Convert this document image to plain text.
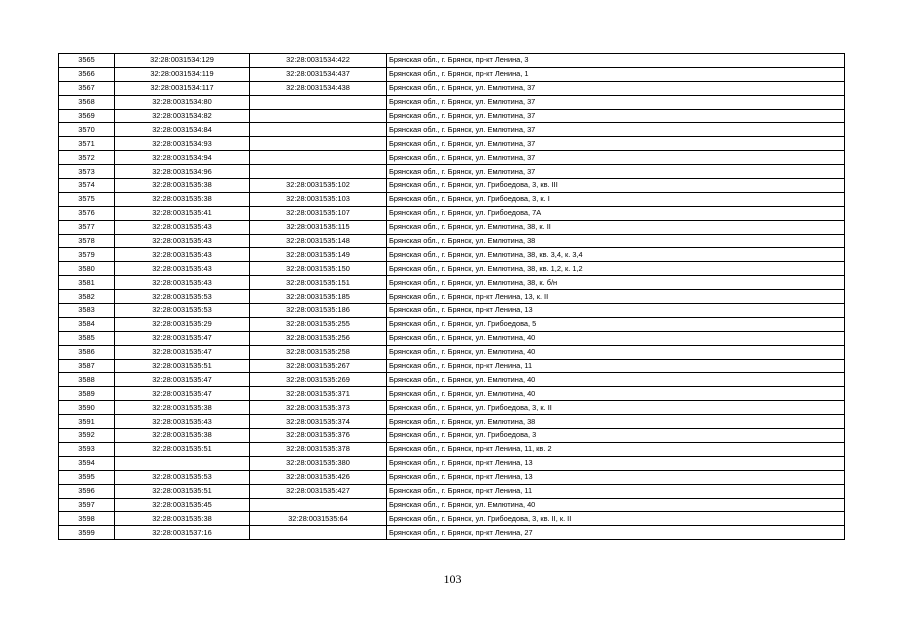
3565	32:28:0031534:129	32:28:0031534:422	Брянская обл., г. Брянск, пр-кт Ленина, 3
3566	32:28:0031534:119	32:28:0031534:437	Брянская обл., г. Брянск, пр-кт Ленина, 1
3567	32:28:0031534:117	32:28:0031534:438	Брянская обл., г. Брянск, ул. Емлютина, 37
3568	32:28:0031534:80		Брянская обл., г. Брянск, ул. Емлютина, 37
3569	32:28:0031534:82		Брянская обл., г. Брянск, ул. Емлютина, 37
3570	32:28:0031534:84		Брянская обл., г. Брянск, ул. Емлютина, 37
3571	32:28:0031534:93		Брянская обл., г. Брянск, ул. Емлютина, 37
3572	32:28:0031534:94		Брянская обл., г. Брянск, ул. Емлютина, 37
3573	32:28:0031534:96		Брянская обл., г. Брянск, ул. Емлютина, 37
3574	32:28:0031535:38	32:28:0031535:102	Брянская обл., г. Брянск, ул. Грибоедова, 3, кв. III
3575	32:28:0031535:38	32:28:0031535:103	Брянская обл., г. Брянск, ул. Грибоедова, 3, к. I
3576	32:28:0031535:41	32:28:0031535:107	Брянская обл., г. Брянск, ул. Грибоедова, 7А
3577	32:28:0031535:43	32:28:0031535:115	Брянская обл., г. Брянск, ул. Емлютина, 38, к. II
3578	32:28:0031535:43	32:28:0031535:148	Брянская обл., г. Брянск, ул. Емлютина, 38
3579	32:28:0031535:43	32:28:0031535:149	Брянская обл., г. Брянск, ул. Емлютина, 38, кв. 3,4, к. 3,4
3580	32:28:0031535:43	32:28:0031535:150	Брянская обл., г. Брянск, ул. Емлютина, 38, кв. 1,2, к. 1,2
3581	32:28:0031535:43	32:28:0031535:151	Брянская обл., г. Брянск, ул. Емлютина, 38, к. б/н
3582	32:28:0031535:53	32:28:0031535:185	Брянская обл., г. Брянск, пр-кт Ленина, 13, к. II
3583	32:28:0031535:53	32:28:0031535:186	Брянская обл., г. Брянск, пр-кт Ленина, 13
3584	32:28:0031535:29	32:28:0031535:255	Брянская обл., г. Брянск, ул. Грибоедова, 5
3585	32:28:0031535:47	32:28:0031535:256	Брянская обл., г. Брянск, ул. Емлютина, 40
3586	32:28:0031535:47	32:28:0031535:258	Брянская обл., г. Брянск, ул. Емлютина, 40
3587	32:28:0031535:51	32:28:0031535:267	Брянская обл., г. Брянск, пр-кт Ленина, 11
3588	32:28:0031535:47	32:28:0031535:269	Брянская обл., г. Брянск, ул. Емлютина, 40
3589	32:28:0031535:47	32:28:0031535:371	Брянская обл., г. Брянск, ул. Емлютина, 40
3590	32:28:0031535:38	32:28:0031535:373	Брянская обл., г. Брянск, ул. Грибоедова, 3, к. II
3591	32:28:0031535:43	32:28:0031535:374	Брянская обл., г. Брянск, ул. Емлютина, 38
3592	32:28:0031535:38	32:28:0031535:376	Брянская обл., г. Брянск, ул. Грибоедова, 3
3593	32:28:0031535:51	32:28:0031535:378	Брянская обл., г. Брянск, пр-кт Ленина, 11, кв. 2
3594		32:28:0031535:380	Брянская обл., г. Брянск, пр-кт Ленина, 13
3595	32:28:0031535:53	32:28:0031535:426	Брянская обл., г. Брянск, пр-кт Ленина, 13
3596	32:28:0031535:51	32:28:0031535:427	Брянская обл., г. Брянск, пр-кт Ленина, 11
3597	32:28:0031535:45		Брянская обл., г. Брянск, ул. Емлютина, 40
3598	32:28:0031535:38	32:28:0031535:64	Брянская обл., г. Брянск, ул. Грибоедова, 3, кв. II, к. II
3599	32:28:0031537:16		Брянская обл., г. Брянск, пр-кт Ленина, 27
103
